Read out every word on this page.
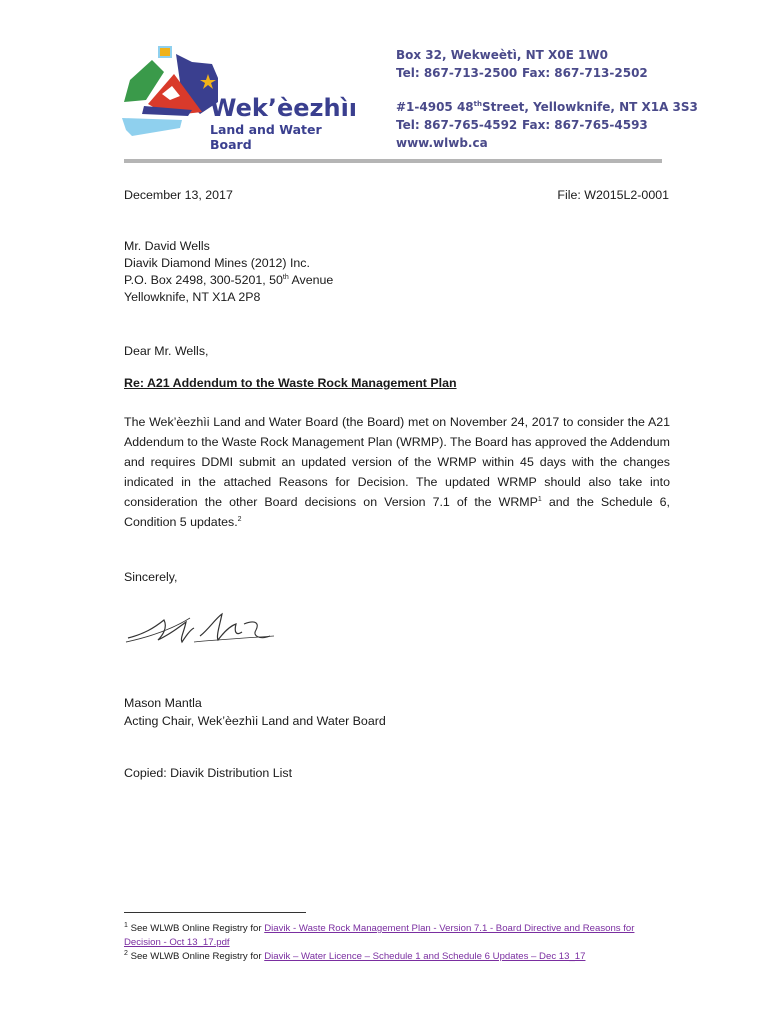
Wek’èezhìı
Land and Water Board
Box 32, Wekweètì, NT X0E 1W0
Tel: 867-713-2500 Fax: 867-713-2502
#1-4905 48thStreet, Yellowknife, NT X1A 3S3
Tel: 867-765-4592 Fax: 867-765-4593
www.wlwb.ca
December 13, 2017	File: W2015L2-0001
Mr. David Wells
Diavik Diamond Mines (2012) Inc.
P.O. Box 2498, 300-5201, 50th Avenue
Yellowknife, NT X1A 2P8
Dear Mr. Wells,
Re: A21 Addendum to the Waste Rock Management Plan
The Wek’èezhìi Land and Water Board (the Board) met on November 24, 2017 to consider the A21 Addendum to the Waste Rock Management Plan (WRMP). The Board has approved the Addendum and requires DDMI submit an updated version of the WRMP within 45 days with the changes indicated in the attached Reasons for Decision. The updated WRMP should also take into consideration the other Board decisions on Version 7.1 of the WRMP$^1$ and the Schedule 6, Condition 5 updates.$^2$
Sincerely,
Mason Mantla
Acting Chair, Wek’èezhìi Land and Water Board
Copied: Diavik Distribution List
$^1$ See WLWB Online Registry for Diavik - Waste Rock Management Plan - Version 7.1 - Board Directive and Reasons for Decision - Oct 13_17.pdf
$^2$ See WLWB Online Registry for Diavik – Water Licence – Schedule 1 and Schedule 6 Updates – Dec 13_17
